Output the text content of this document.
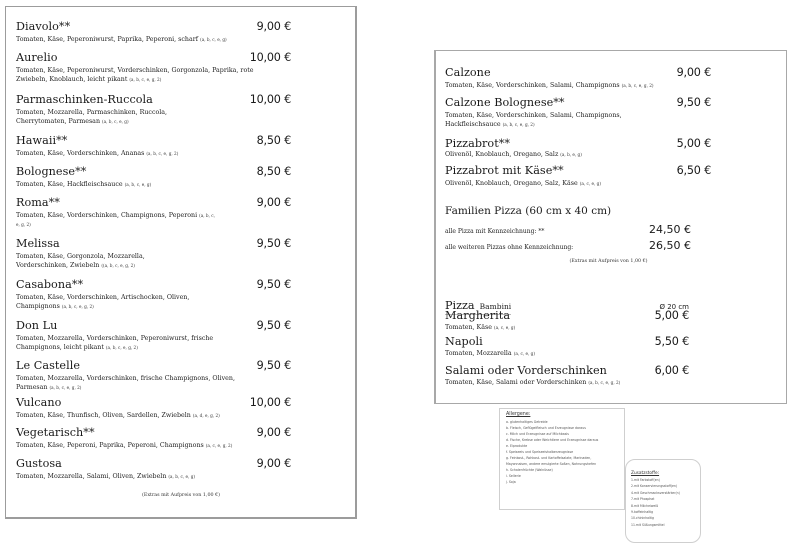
Diavolo**	9,00 €
Tomaten, Käse, Peperoniwurst, Paprika, Peperoni, scharf (a, b, c, e, g)
Aurelio	10,00 €
Tomaten, Käse, Peperoniwurst, Vorderschinken, Gorgonzola, Paprika, rote Zwiebeln, Knoblauch, leicht pikant (a, b, c, e, g, 2)
Parmaschinken-Ruccola	10,00 €
Tomaten, Mozzarella, Parmaschinken, Ruccola, Cherrytomaten, Parmesan (a, b, c, e, g)
Hawaii**	8,50 €
Tomaten, Käse, Vorderschinken, Ananas (a, b, c, e, g, 2)
Bolognese**	8,50 €
Tomaten, Käse, Hackfleischsauce (a, b, c, e, g)
Roma**	9,00 €
Tomaten, Käse, Vorderschinken, Champignons, Peperoni (a, b, c, e, g, 2)
Melissa	9,50 €
Tomaten, Käse, Gorgonzola, Mozzarella, Vorderschinken, Zwiebeln ((a, b, c, e, g, 2)
Casabona**	9,50 €
Tomaten, Käse, Vorderschinken, Artischocken, Oliven, Champignons (a, b, c, e, g, 2)
Don Lu	9,50 €
Tomaten, Mozzarella, Vorderschinken, Peperoniwurst, frische Champignons, leicht pikant (a, b, c, e, g, 2)
Le Castelle	9,50 €
Tomaten, Mozzarella, Vorderschinken, frische Champignons, Oliven, Parmesan (a, b, c, e, g, 2)
Vulcano	10,00 €
Tomaten, Käse, Thunfisch, Oliven, Sardellen, Zwiebeln (a, d, e, g, 2)
Vegetarisch**	9,00 €
Tomaten, Käse, Peperoni, Paprika, Peperoni, Champignons (a, c, e, g, 2)
Gustosa	9,00 €
Tomaten, Mozzarella, Salami, Oliven, Zwiebeln (a, b, c, e, g)
(Extras mit Aufpreis von 1,00 €)
Calzone	9,00 €
Tomaten, Käse, Vorderschinken, Salami, Champignons (a, b, c, e, g, 2)
Calzone Bolognese**	9,50 €
Tomaten, Käse, Vorderschinken, Salami, Champignons, Hackfleischsauce (a, b, c, e, g, 2)
Pizzabrot**	5,00 €
Olivenöl, Knoblauch, Oregano, Salz (a, b, e, g)
Pizzabrot mit Käse**	6,50 €
Olivenöl, Knoblauch, Oregano, Salz, Käse (a, c, e, g)
Familien Pizza (60 cm x 40 cm)
alle Pizza mit Kennzeichnung: **	24,50 €
alle weiteren Pizzas ohne Kennzeichnung:	26,50 €
(Extras mit Aufpreis von 1,00 €)
Pizza Bambini	Ø 20 cm
Margherita	5,00 €
Tomaten, Käse (a, c, e, g)
Napoli	5,50 €
Tomaten, Mozzarella (a, c, e, g)
Salami oder Vorderschinken	6,00 €
Tomaten, Käse, Salami oder Vorderschinken (a, b, c, e, g, 2)
Allergene:
a. glutenhaltiges Getreide
b. Fleisch, Geflügelfleisch und Erzeugnisse daraus
c. Milch und Erzeugnisse auf Milchbasis
d. Fische, Krebse oder Weichtiere und Erzeugnisse daraus
e. Eiprodukte
f. Speiseeis und Speiseeishalberzeugnisse
g. Feinkost-, Rohkost- und Kartoffelsalate, Marinaden,
Mayonnaisen, andere emulgierte Soßen, Nahrungshefen
h. Schalenfrüchte (Walnüsse)
i. Sellerie
j. Soja
Zusatzstoffe:
1.mit Farbstoff(en)
2.mit Konservierungsstoff(en)
4.mit Geschmacksverstärker(n)
7.mit Phosphat
8.mit Milcheiweiß
9.koffeinhaltig
10.chininhaltig
11.mit Süßungsmittel
